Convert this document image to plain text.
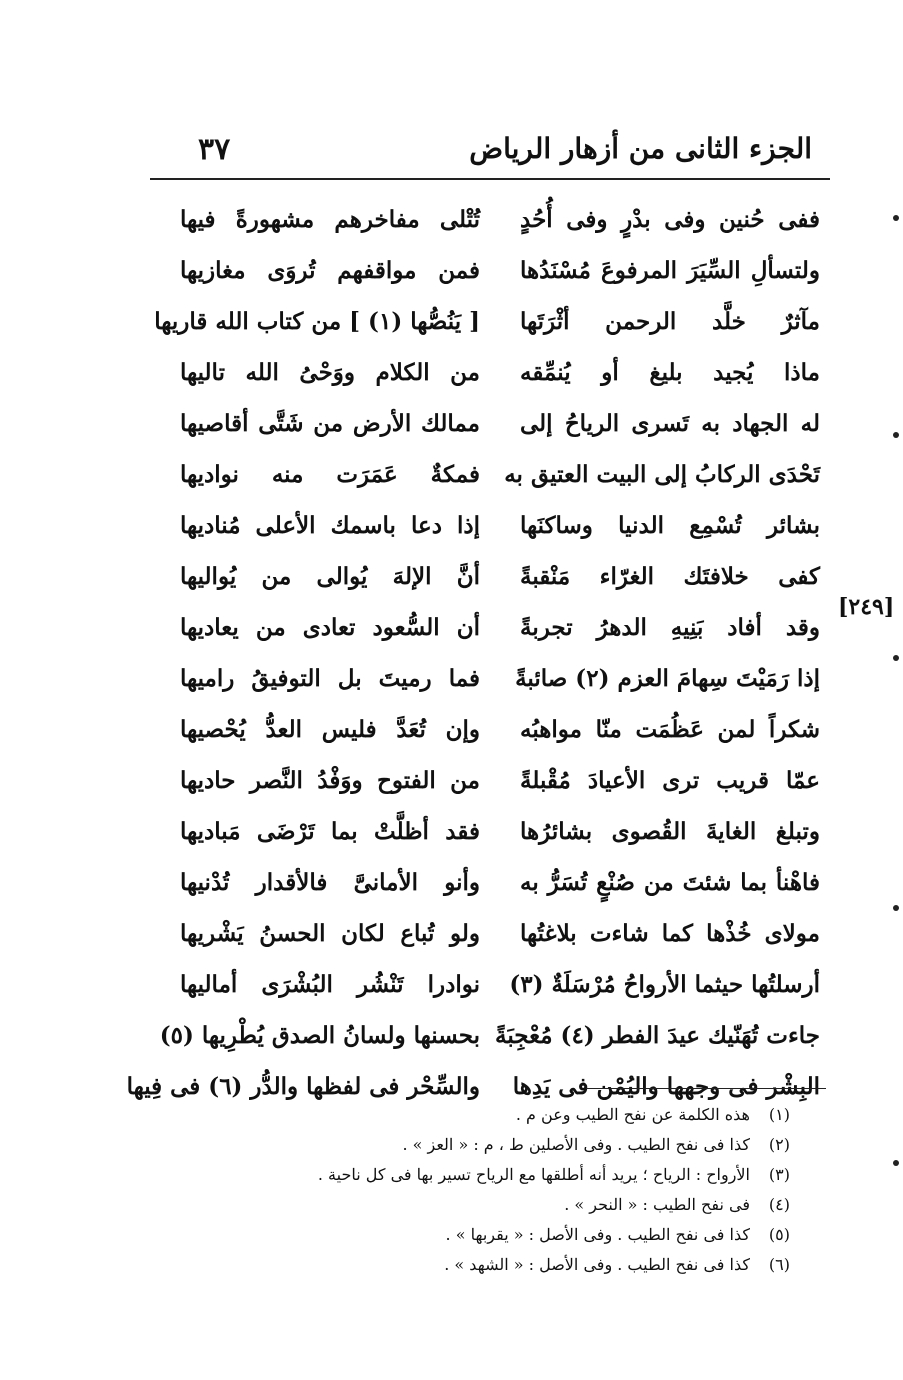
الجزء الثانى من أزهار الرياض
٣٧
[٢٤٩]
ففى حُنين وفى بدْرٍ وفى أُحُدٍ
تُتْلى مفاخرهم مشهورةً فيها
ولتسألِ السِّيَرَ المرفوعَ مُسْنَدُها
فمن مواقفهم تُروَى مغازيها
مآثرٌ خلَّد الرحمن أثْرَتَها
[ يَنُصُّها (١) ] من كتاب الله قاريها
ماذا يُجيد بليغ أو يُنمِّقه
من الكلام ووَحْىُ الله تاليها
له الجهاد به تَسرى الرياحُ إلى
ممالك الأرض من شَتَّى أقاصيها
تَحْدَى الركابُ إلى البيت العتيق به
فمكةٌ عَمَرَت منه نواديها
بشائر تُسْمِع الدنيا وساكنَها
إذا دعا باسمك الأعلى مُناديها
كفى خلافتَك الغرّاء مَنْقبةً
أنَّ الإلهَ يُوالى من يُواليها
وقد أفاد بَنِيهِ الدهرُ تجربةً
أن السُّعود تعادى من يعاديها
إذا رَمَيْتَ سِهامَ العزم (٢) صائبةً
فما رميتَ بل التوفيقُ راميها
شكراً لمن عَظُمَت منّا مواهبُه
وإن تُعَدَّ فليس العدُّ يُحْصيها
عمّا قريب ترى الأعيادَ مُقْبلةً
من الفتوح ووَفْدُ النَّصر حاديها
وتبلغ الغايةَ القُصوى بشائرُها
فقد أظلَّتْ بما تَرْضَى مَباديها
فاهْنأ بما شئتَ من صُنْعٍ تُسَرُّ به
وأنو الأمانىَّ فالأقدار تُدْنيها
مولاى خُذْها كما شاءت بلاغتُها
ولو تُباع لكان الحسنُ يَشْريها
أرسلتُها حيثما الأرواحُ مُرْسَلَةٌ (٣)
نوادرا تَنْشُر البُشْرَى أماليها
جاءت تُهَنّيك عيدَ الفطر (٤) مُعْجِبَةً
بحسنها ولسانُ الصدق يُطْرِيها (٥)
البِشْر فى وجهها واليُمْن فى يَدِها
والسِّحْر فى لفظها والدُّر (٦) فى فِيها
(١)هذه الكلمة عن نفح الطيب وعن م .
(٢)كذا فى نفح الطيب . وفى الأصلين ط ، م : « العز » .
(٣)الأرواح : الرياح ؛ يريد أنه أطلقها مع الرياح تسير بها فى كل ناحية .
(٤)فى نفح الطيب : « النحر » .
(٥)كذا فى نفح الطيب . وفى الأصل : « يقربها » .
(٦)كذا فى نفح الطيب . وفى الأصل : « الشهد » .
